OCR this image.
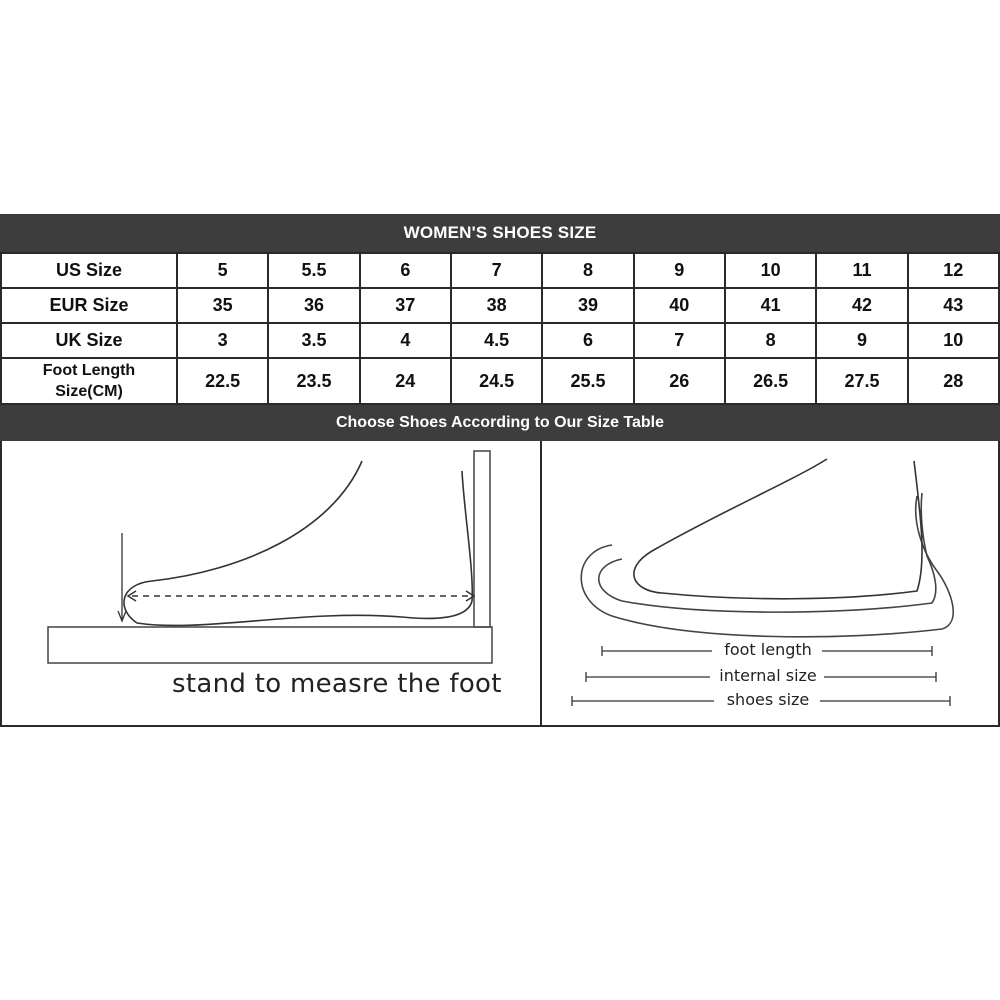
WOMEN'S SHOES SIZE
US Size	5	5.5	6	7	8	9	10	11	12
EUR Size	35	36	37	38	39	40	41	42	43
UK Size	3	3.5	4	4.5	6	7	8	9	10
Foot Length
Size(CM)	22.5	23.5	24	24.5	25.5	26	26.5	27.5	28
Choose Shoes According to Our Size Table
stand to measre the foot
foot length
internal size
shoes size
